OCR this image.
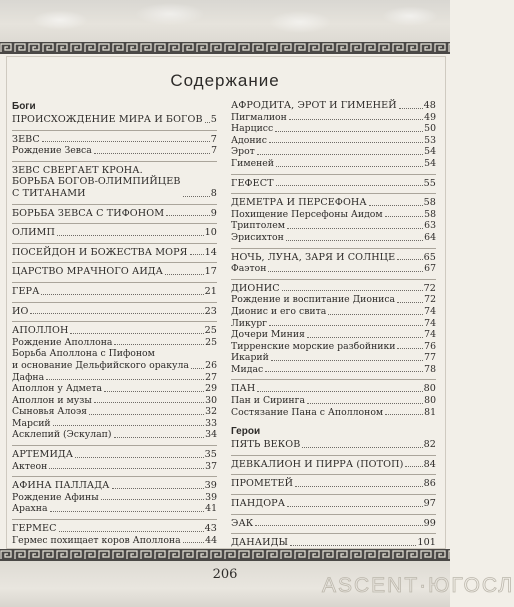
Содержание
Боги
ПРОИСХОЖДЕНИЕ МИРА И БОГОВ 5
ЗЕВС	7
Рождение Зевса	7
ЗЕВС СВЕРГАЕТ КРОНА.
БОРЬБА БОГОВ-ОЛИМПИЙЦЕВ
С ТИТАНАМИ	8
БОРЬБА ЗЕВСА С ТИФОНОМ	9
ОЛИМП	10
ПОСЕЙДОН И БОЖЕСТВА МОРЯ 14
ЦАРСТВО МРАЧНОГО АИДА	17
ГЕРА	21
ИО	23
АПОЛЛОН	25
Рождение Аполлона	25
Борьба Аполлона с Пифоном
и основание Дельфийского оракула 26
Дафна	27
Аполлон у Адмета	29
Аполлон и музы	30
Сыновья Алоэя	32
Марсий	33
Асклепий (Эскулап)	34
АРТЕМИДА	35
Актеон	37
АФИНА ПАЛЛАДА	39
Рождение Афины	39
Арахна	41
ГЕРМЕС	43
Гермес похищает коров Аполлона	44
АФРОДИТА, ЭРОТ И ГИМЕНЕЙ	48
Пигмалион	49
Нарцисс	50
Адонис	53
Эрот	54
Гименей	54
ГЕФЕСТ	55
ДЕМЕТРА И ПЕРСЕФОНА	58
Похищение Персефоны Аидом	58
Триптолем	63
Эрисихтон	64
НОЧЬ, ЛУНА, ЗАРЯ И СОЛНЦЕ	65
Фаэтон	67
ДИОНИС	72
Рождение и воспитание Диониса	72
Дионис и его свита	74
Ликург	74
Дочери Миния	74
Тирренские морские разбойники	76
Икарий	77
Мидас	78
ПАН	80
Пан и Сиринга	80
Состязание Пана с Аполлоном	81
Герои
ПЯТЬ ВЕКОВ	82
ДЕВКАЛИОН И ПИРРА (ПОТОП) 84
ПРОМЕТЕЙ	86
ПАНДОРА	97
ЭАК	99
ДАНАИДЫ	101
206	ASCENT·ЮГОСЛ
